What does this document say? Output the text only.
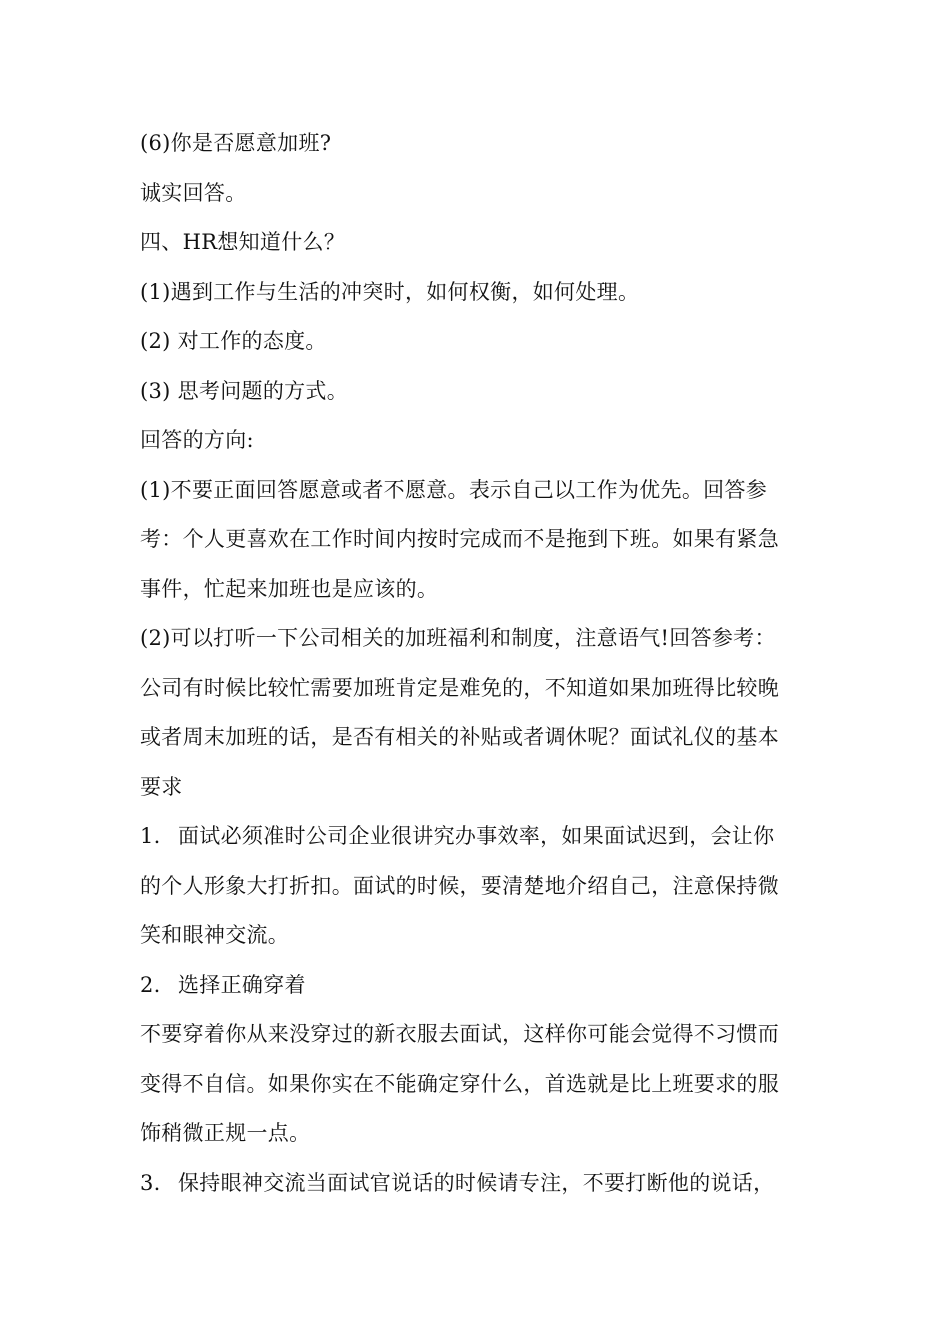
(6)你是否愿意加班?
诚实回答。
四、HR想知道什么？
(1)遇到工作与生活的冲突时，如何权衡，如何处理。
(2) 对工作的态度。
(3) 思考问题的方式。
回答的方向:
(1)不要正面回答愿意或者不愿意。表示自己以工作为优先。回答参
考：个人更喜欢在工作时间内按时完成而不是拖到下班。如果有紧急
事件，忙起来加班也是应该的。
(2)可以打听一下公司相关的加班福利和制度，注意语气!回答参考：
公司有时候比较忙需要加班肯定是难免的，不知道如果加班得比较晚
或者周末加班的话，是否有相关的补贴或者调休呢？面试礼仪的基本
要求
1. 面试必须准时公司企业很讲究办事效率，如果面试迟到，会让你
的个人形象大打折扣。面试的时候，要清楚地介绍自己，注意保持微
笑和眼神交流。
2. 选择正确穿着
不要穿着你从来没穿过的新衣服去面试，这样你可能会觉得不习惯而
变得不自信。如果你实在不能确定穿什么，首选就是比上班要求的服
饰稍微正规一点。
3. 保持眼神交流当面试官说话的时候请专注，不要打断他的说话，
